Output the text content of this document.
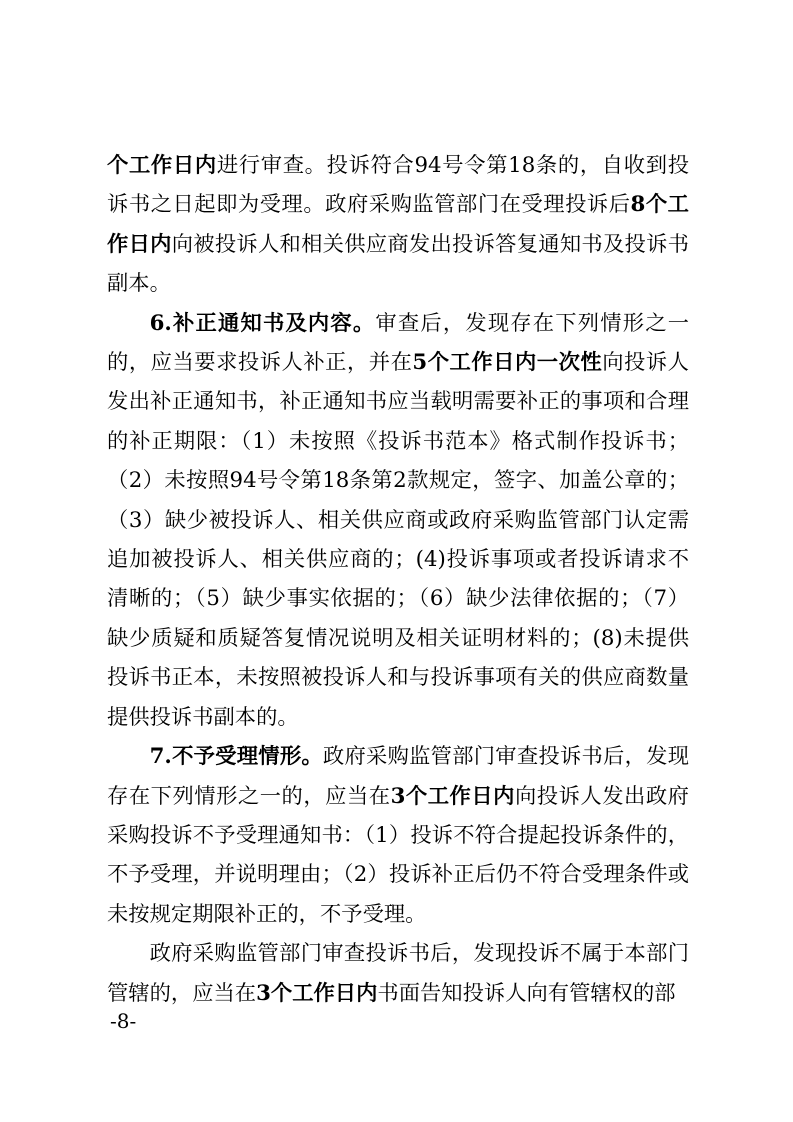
个工作日内进行审查。投诉符合94号令第18条的，自收到投诉书之日起即为受理。政府采购监管部门在受理投诉后8个工作日内向被投诉人和相关供应商发出投诉答复通知书及投诉书副本。

6.补正通知书及内容。审查后，发现存在下列情形之一的，应当要求投诉人补正，并在5个工作日内一次性向投诉人发出补正通知书，补正通知书应当载明需要补正的事项和合理的补正期限：（1）未按照《投诉书范本》格式制作投诉书；（2）未按照94号令第18条第2款规定，签字、加盖公章的；（3）缺少被投诉人、相关供应商或政府采购监管部门认定需追加被投诉人、相关供应商的；(4)投诉事项或者投诉请求不清晰的；（5）缺少事实依据的；（6）缺少法律依据的；（7）缺少质疑和质疑答复情况说明及相关证明材料的；(8)未提供投诉书正本，未按照被投诉人和与投诉事项有关的供应商数量提供投诉书副本的。

7.不予受理情形。政府采购监管部门审查投诉书后，发现存在下列情形之一的，应当在3个工作日内向投诉人发出政府采购投诉不予受理通知书：（1）投诉不符合提起投诉条件的，不予受理，并说明理由；（2）投诉补正后仍不符合受理条件或未按规定期限补正的，不予受理。

政府采购监管部门审查投诉书后，发现投诉不属于本部门管辖的，应当在3个工作日内书面告知投诉人向有管辖权的部

-8-
